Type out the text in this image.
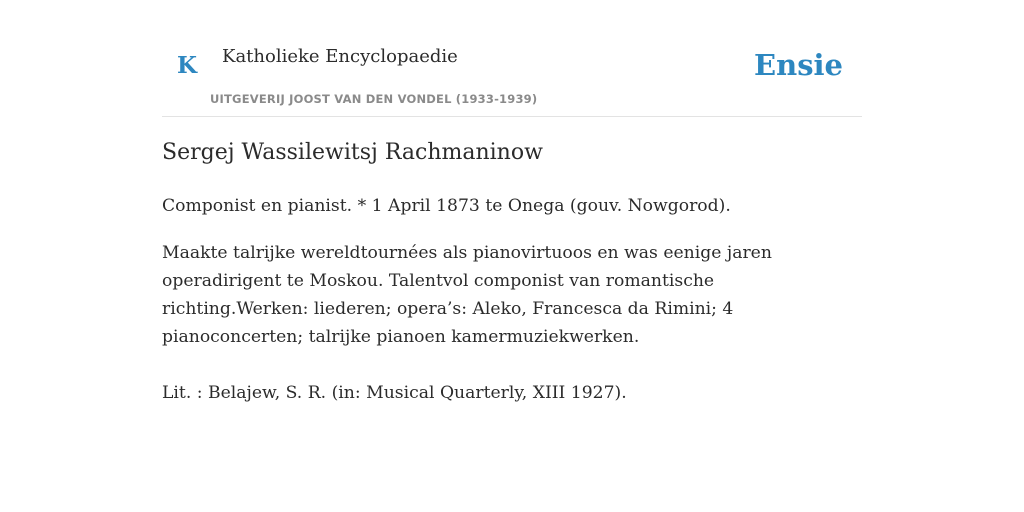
K Katholieke Encyclopaedie
UITGEVERIJ JOOST VAN DEN VONDEL (1933-1939)
Ensie
Sergej Wassilewitsj Rachmaninow

Componist en pianist. * 1 April 1873 te Onega (gouv. Nowgorod).

Maakte talrijke wereldtournées als pianovirtuoos en was eenige jaren operadirigent te Moskou. Talentvol componist van romantische richting.Werken: liederen; opera’s: Aleko, Francesca da Rimini; 4 pianoconcerten; talrijke pianoen kamermuziekwerken.

Lit. : Belajew, S. R. (in: Musical Quarterly, XIII 1927).
